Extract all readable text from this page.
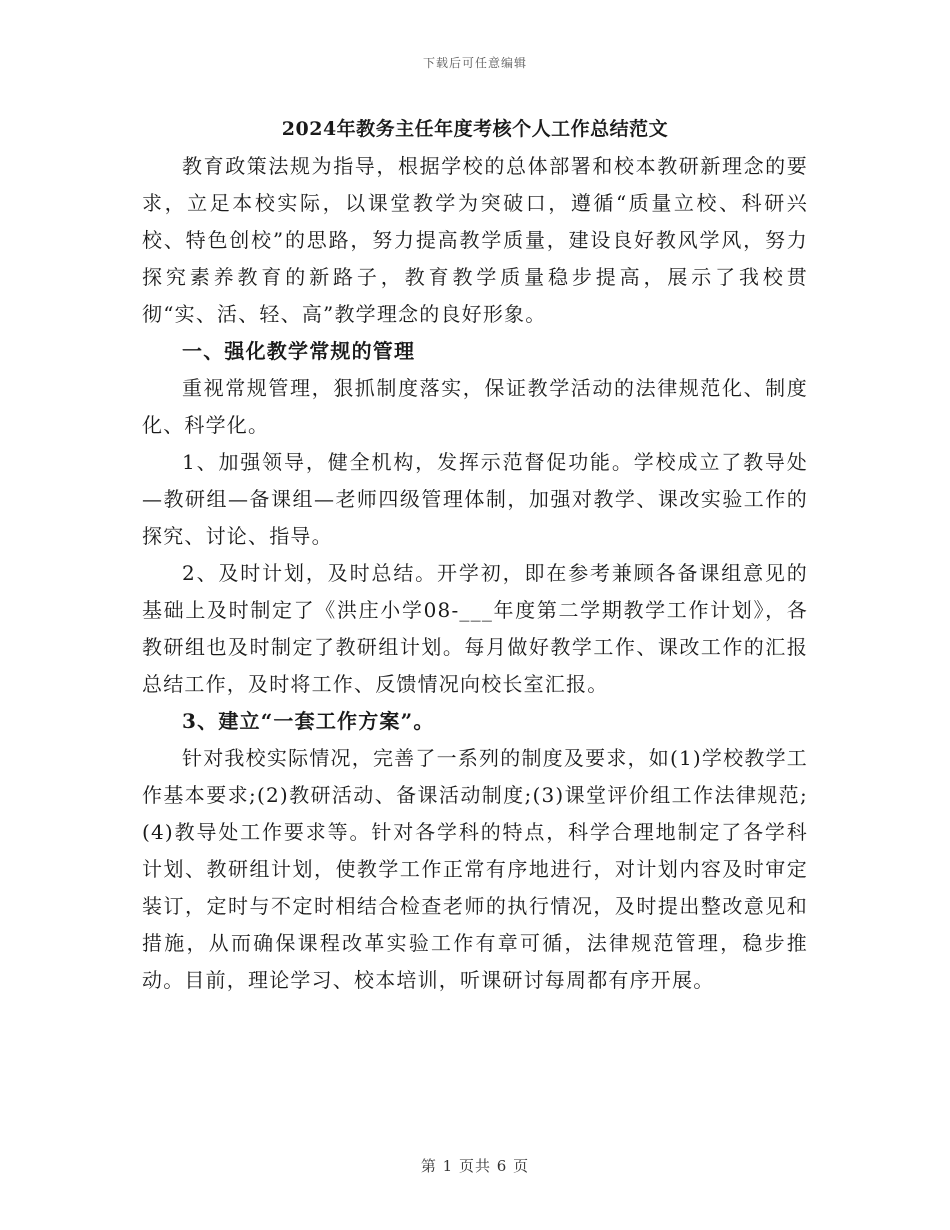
下载后可任意编辑
2024年教务主任年度考核个人工作总结范文

教育政策法规为指导，根据学校的总体部署和校本教研新理念的要求，立足本校实际，以课堂教学为突破口，遵循“质量立校、科研兴校、特色创校”的思路，努力提高教学质量，建设良好教风学风，努力探究素养教育的新路子，教育教学质量稳步提高，展示了我校贯彻“实、活、轻、高”教学理念的良好形象。

一、强化教学常规的管理

重视常规管理，狠抓制度落实，保证教学活动的法律规范化、制度化、科学化。

1、加强领导，健全机构，发挥示范督促功能。学校成立了教导处—教研组—备课组—老师四级管理体制，加强对教学、课改实验工作的探究、讨论、指导。

2、及时计划，及时总结。开学初，即在参考兼顾各备课组意见的基础上及时制定了《洪庄小学08-___年度第二学期教学工作计划》，各教研组也及时制定了教研组计划。每月做好教学工作、课改工作的汇报总结工作，及时将工作、反馈情况向校长室汇报。

3、建立“一套工作方案”。

针对我校实际情况，完善了一系列的制度及要求，如(1)学校教学工作基本要求;(2)教研活动、备课活动制度;(3)课堂评价组工作法律规范;(4)教导处工作要求等。针对各学科的特点，科学合理地制定了各学科计划、教研组计划，使教学工作正常有序地进行，对计划内容及时审定装订，定时与不定时相结合检查老师的执行情况，及时提出整改意见和措施，从而确保课程改革实验工作有章可循，法律规范管理，稳步推动。目前，理论学习、校本培训，听课研讨每周都有序开展。

第 1 页共 6 页
